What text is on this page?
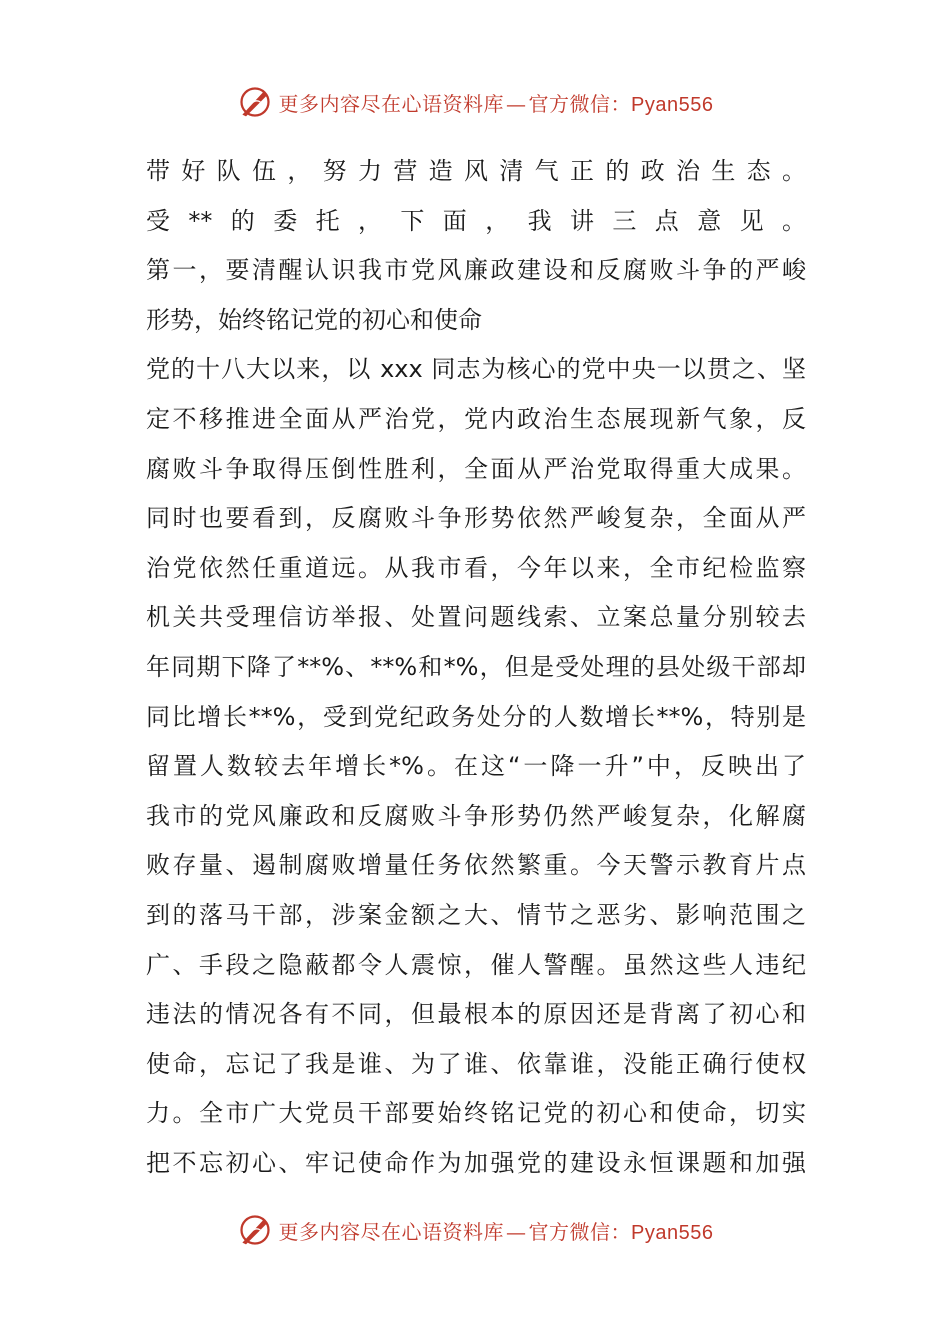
更多内容尽在心语资料库 — 官方微信：Pyan556
带好队伍，努力营造风清气正的政治生态。
受**的委托，下面，我讲三点意见。
第一，要清醒认识我市党风廉政建设和反腐败斗争的严峻
形势，始终铭记党的初心和使命
党的十八大以来，以 xxx 同志为核心的党中央一以贯之、坚
定不移推进全面从严治党，党内政治生态展现新气象，反
腐败斗争取得压倒性胜利，全面从严治党取得重大成果。
同时也要看到，反腐败斗争形势依然严峻复杂，全面从严
治党依然任重道远。从我市看，今年以来，全市纪检监察
机关共受理信访举报、处置问题线索、立案总量分别较去
年同期下降了**%、**%和*%，但是受处理的县处级干部却
同比增长**%，受到党纪政务处分的人数增长**%，特别是
留置人数较去年增长*%。在这“一降一升”中，反映出了
我市的党风廉政和反腐败斗争形势仍然严峻复杂，化解腐
败存量、遏制腐败增量任务依然繁重。今天警示教育片点
到的落马干部，涉案金额之大、情节之恶劣、影响范围之
广、手段之隐蔽都令人震惊，催人警醒。虽然这些人违纪
违法的情况各有不同，但最根本的原因还是背离了初心和
使命，忘记了我是谁、为了谁、依靠谁，没能正确行使权
力。全市广大党员干部要始终铭记党的初心和使命，切实
把不忘初心、牢记使命作为加强党的建设永恒课题和加强
更多内容尽在心语资料库 — 官方微信：Pyan556
